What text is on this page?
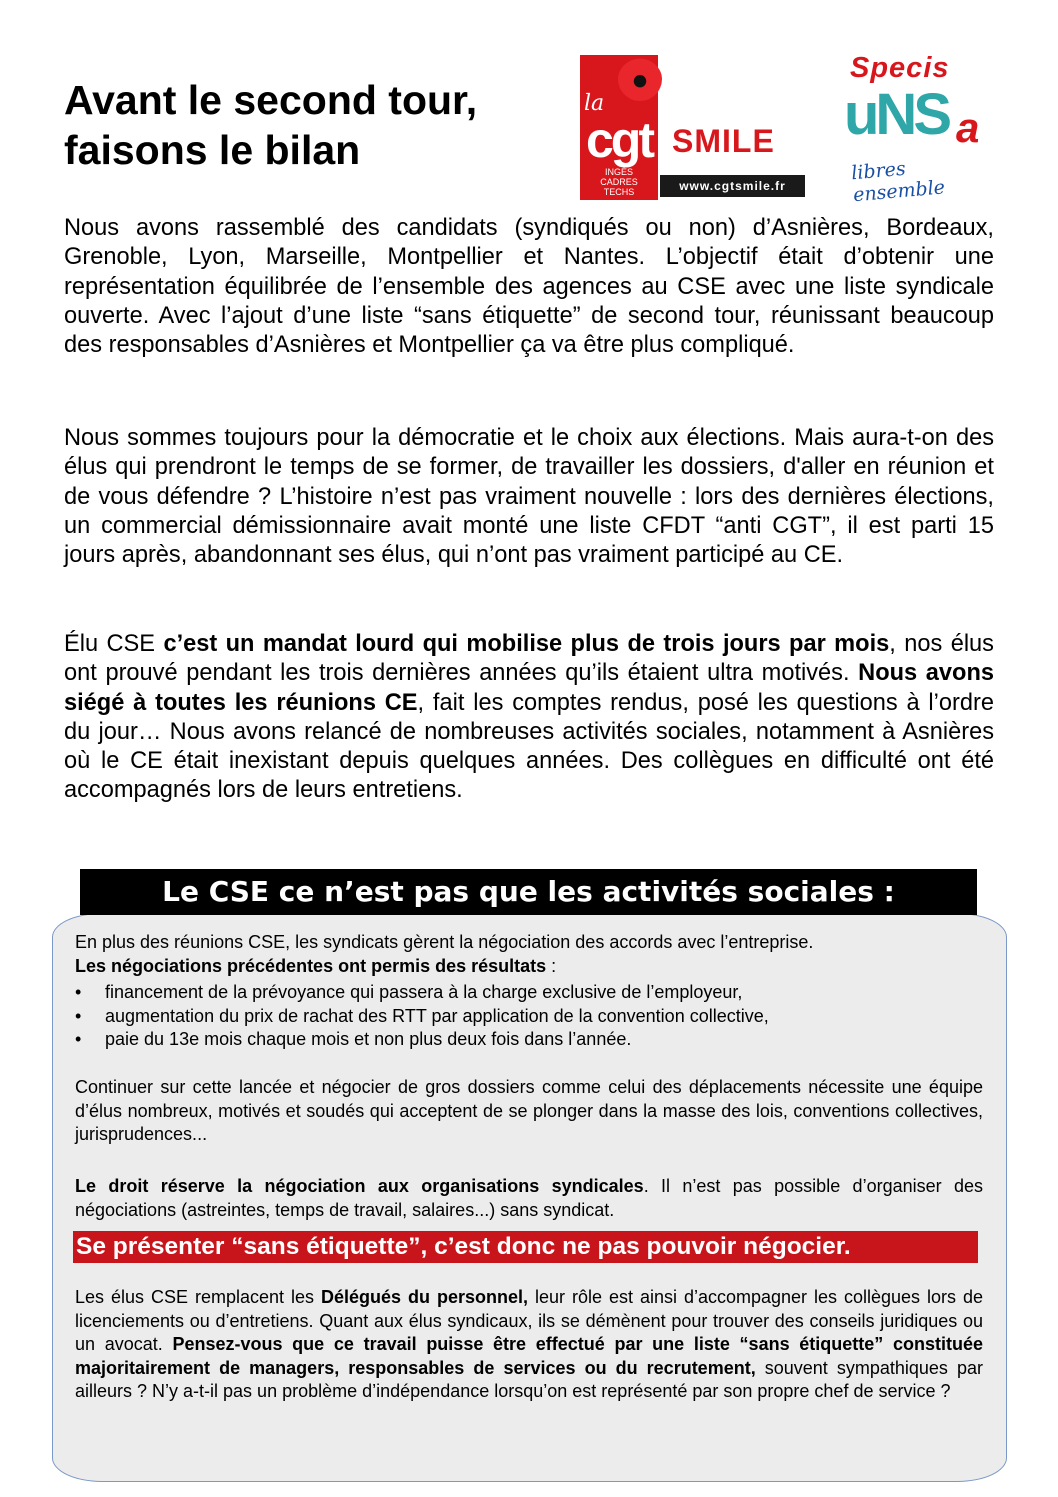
Avant le second tour,
faisons le bilan
la
cgt
INGÉS
CADRES
TECHS
SMILE
www.cgtsmile.fr
Specis
uNS a
libres ensemble

Nous avons rassemblé des candidats (syndiqués ou non) d’Asnières, Bordeaux, Grenoble, Lyon, Marseille, Montpellier et Nantes. L’objectif était d’obtenir une représentation équilibrée de l’ensemble des agences au CSE avec une liste syndicale ouverte. Avec l’ajout d’une liste “sans étiquette” de second tour, réunissant beaucoup des responsables d’Asnières et Montpellier ça va être plus compliqué.

Nous sommes toujours pour la démocratie et le choix aux élections. Mais aura-t-on des élus qui prendront le temps de se former, de travailler les dossiers, d'aller en réunion et de vous défendre ? L’histoire n’est pas vraiment nouvelle : lors des dernières élections, un commercial démissionnaire avait monté une liste CFDT “anti CGT”, il est parti 15 jours après, abandonnant ses élus, qui n’ont pas vraiment participé au CE.

Élu CSE c’est un mandat lourd qui mobilise plus de trois jours par mois, nos élus ont prouvé pendant les trois dernières années qu’ils étaient ultra motivés. Nous avons siégé à toutes les réunions CE, fait les comptes rendus, posé les questions à l’ordre du jour… Nous avons relancé de nombreuses activités sociales, notamment à Asnières où le CE était inexistant depuis quelques années. Des collègues en difficulté ont été accompagnés lors de leurs entretiens.

Le CSE ce n’est pas que les activités sociales :

En plus des réunions CSE, les syndicats gèrent la négociation des accords avec l’entreprise.
Les négociations précédentes ont permis des résultats :

• financement de la prévoyance qui passera à la charge exclusive de l’employeur,
• augmentation du prix de rachat des RTT par application de la convention collective,
• paie du 13e mois chaque mois et non plus deux fois dans l’année.

Continuer sur cette lancée et négocier de gros dossiers comme celui des déplacements nécessite une équipe d’élus nombreux, motivés et soudés qui acceptent de se plonger dans la masse des lois, conventions collectives, jurisprudences...

Le droit réserve la négociation aux organisations syndicales. Il n’est pas possible d’organiser des négociations (astreintes, temps de travail, salaires...) sans syndicat.

Se présenter “sans étiquette”, c’est donc ne pas pouvoir négocier.

Les élus CSE remplacent les Délégués du personnel, leur rôle est ainsi d’accompagner les collègues lors de licenciements ou d’entretiens. Quant aux élus syndicaux, ils se démènent pour trouver des conseils juridiques ou un avocat. Pensez-vous que ce travail puisse être effectué par une liste “sans étiquette” constituée majoritairement de managers, responsables de services ou du recrutement, souvent sympathiques par ailleurs ? N’y a-t-il pas un problème d’indépendance lorsqu’on est représenté par son propre chef de service ?
